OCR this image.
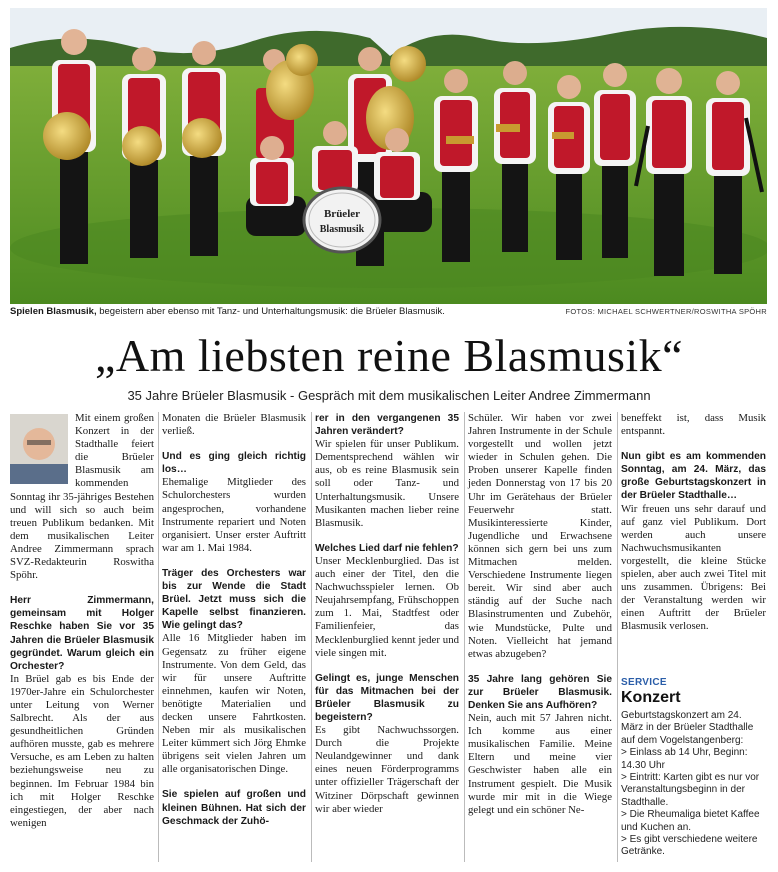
Brüeler
Blasmusik
Spielen Blasmusik, begeistern aber ebenso mit Tanz- und Unterhaltungsmusik: die Brüeler Blasmusik.	FOTOS: MICHAEL SCHWERTNER/ROSWITHA SPÖHR
„Am liebsten reine Blasmusik“
35 Jahre Brüeler Blasmusik - Gespräch mit dem musikalischen Leiter Andree Zimmermann

Mit einem großen Konzert in der Stadthalle feiert die Brüeler Blasmusik am kommenden Sonntag ihr 35-jähriges Bestehen und will sich so auch beim treuen Publikum bedanken. Mit dem musikalischen Leiter Andree Zimmermann sprach SVZ-Redakteurin Roswitha Spöhr.

Herr Zimmermann, gemeinsam mit Holger Reschke haben Sie vor 35 Jahren die Brüeler Blasmusik gegründet. Warum gleich ein Orchester?

In Brüel gab es bis Ende der 1970er-Jahre ein Schulorchester unter Leitung von Werner Salbrecht. Als der aus gesundheitlichen Gründen aufhören musste, gab es mehrere Versuche, es am Leben zu halten beziehungsweise neu zu beginnen. Im Februar 1984 bin ich mit Holger Reschke eingestiegen, der aber nach wenigen

Monaten die Brüeler Blasmusik verließ.

Und es ging gleich richtig los…

Ehemalige Mitglieder des Schulorchesters wurden angesprochen, vorhandene Instrumente repariert und Noten organisiert. Unser erster Auftritt war am 1. Mai 1984.

Träger des Orchesters war bis zur Wende die Stadt Brüel. Jetzt muss sich die Kapelle selbst finanzieren. Wie gelingt das?

Alle 16 Mitglieder haben im Gegensatz zu früher eigene Instrumente. Von dem Geld, das wir für unsere Auftritte einnehmen, kaufen wir Noten, benötigte Materialien und decken unsere Fahrtkosten. Neben mir als musikalischen Leiter kümmert sich Jörg Ehmke übrigens seit vielen Jahren um alle organisatorischen Dinge.

Sie spielen auf großen und kleinen Bühnen. Hat sich der Geschmack der Zuhö-

rer in den vergangenen 35 Jahren verändert?

Wir spielen für unser Publikum. Dementsprechend wählen wir aus, ob es reine Blasmusik sein soll oder Tanz- und Unterhaltungsmusik. Unsere Musikanten machen lieber reine Blasmusik.

Welches Lied darf nie fehlen?

Unser Mecklenburglied. Das ist auch einer der Titel, den die Nachwuchsspieler lernen. Ob Neujahrsempfang, Frühschoppen zum 1. Mai, Stadtfest oder Familienfeier, das Mecklenburglied kennt jeder und viele singen mit.

Gelingt es, junge Menschen für das Mitmachen bei der Brüeler Blasmusik zu begeistern?

Es gibt Nachwuchssorgen. Durch die Projekte Neulandgewinner und dank eines neuen Förderprogramms unter offizieller Trägerschaft der Witziner Dörpschaft gewinnen wir aber wieder

Schüler. Wir haben vor zwei Jahren Instrumente in der Schule vorgestellt und wollen jetzt wieder in Schulen gehen. Die Proben unserer Kapelle finden jeden Donnerstag von 17 bis 20 Uhr im Gerätehaus der Brüeler Feuerwehr statt. Musikinteressierte Kinder, Jugendliche und Erwachsene können sich gern bei uns zum Mitmachen melden. Verschiedene Instrumente liegen bereit. Wir sind aber auch ständig auf der Suche nach Blasinstrumenten und Zubehör, wie Mundstücke, Pulte und Noten. Vielleicht hat jemand etwas abzugeben?

35 Jahre lang gehören Sie zur Brüeler Blasmusik. Denken Sie ans Aufhören?

Nein, auch mit 57 Jahren nicht. Ich komme aus einer musikalischen Familie. Meine Eltern und meine vier Geschwister haben alle ein Instrument gespielt. Die Musik wurde mir mit in die Wiege gelegt und ein schöner Ne-

beneffekt ist, dass Musik entspannt.

Nun gibt es am kommenden Sonntag, am 24. März, das große Geburtstagskonzert in der Brüeler Stadthalle…

Wir freuen uns sehr darauf und auf ganz viel Publikum. Dort werden auch unsere Nachwuchsmusikanten vorgestellt, die kleine Stücke spielen, aber auch zwei Titel mit uns zusammen. Übrigens: Bei der Veranstaltung werden wir einen Auftritt der Brüeler Blasmusik verlosen.

SERVICE
Konzert
Geburtstagskonzert am 24. März in der Brüeler Stadthalle auf dem Vogelstangenberg:
> Einlass ab 14 Uhr, Beginn: 14.30 Uhr
> Eintritt: Karten gibt es nur vor Veranstaltungsbeginn in der Stadthalle.
> Die Rheumaliga bietet Kaffee und Kuchen an.
> Es gibt verschiedene weitere Getränke.
